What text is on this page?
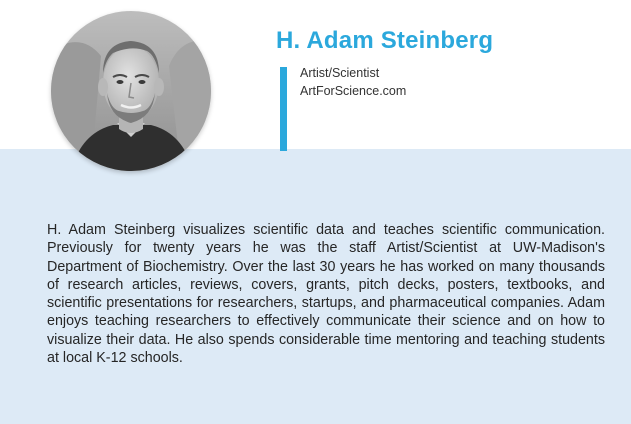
H. Adam Steinberg
Artist/Scientist
ArtForScience.com

H. Adam Steinberg visualizes scientific data and teaches scientific communication. Previously for twenty years he was the staff Artist/Scientist at UW-Madison's Department of Biochemistry. Over the last 30 years he has worked on many thousands of research articles, reviews, covers, grants, pitch decks, posters, textbooks, and scientific presentations for researchers, startups, and pharmaceutical companies. Adam enjoys teaching researchers to effectively communicate their science and on how to visualize their data. He also spends considerable time mentoring and teaching students at local K-12 schools.
